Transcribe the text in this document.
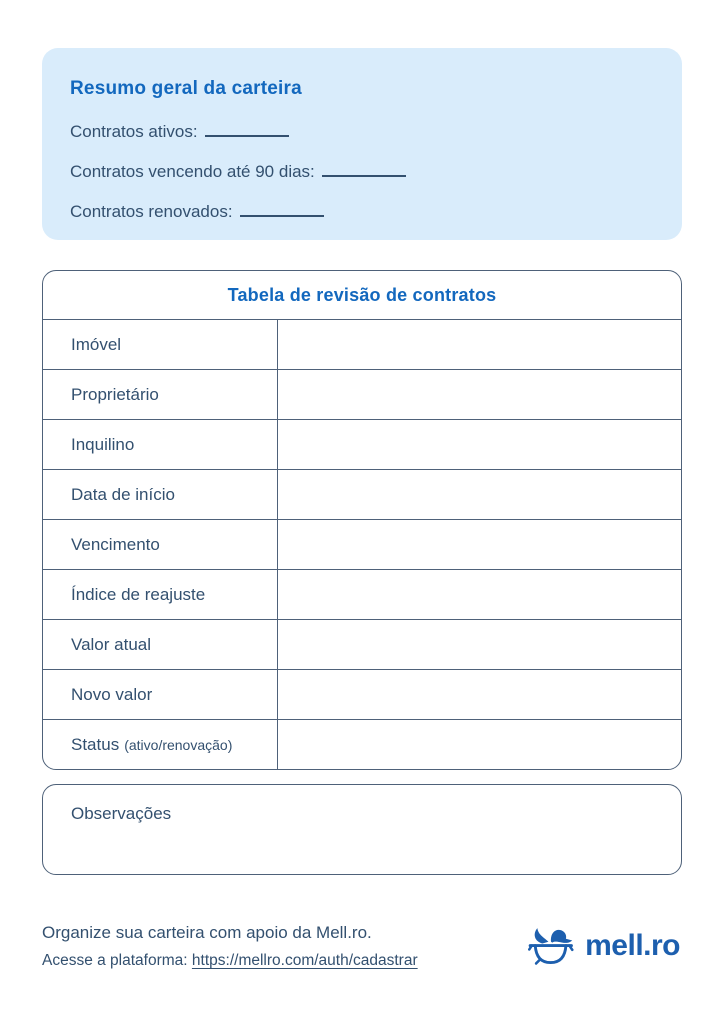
Resumo geral da carteira

Contratos ativos:

Contratos vencendo até 90 dias:

Contratos renovados:

Tabela de revisão de contratos
Imóvel
Proprietário
Inquilino
Data de início
Vencimento
Índice de reajuste
Valor atual
Novo valor
Status (ativo/renovação)
Observações

Organize sua carteira com apoio da Mell.ro.

Acesse a plataforma: https://mellro.com/auth/cadastrar	mell.ro
